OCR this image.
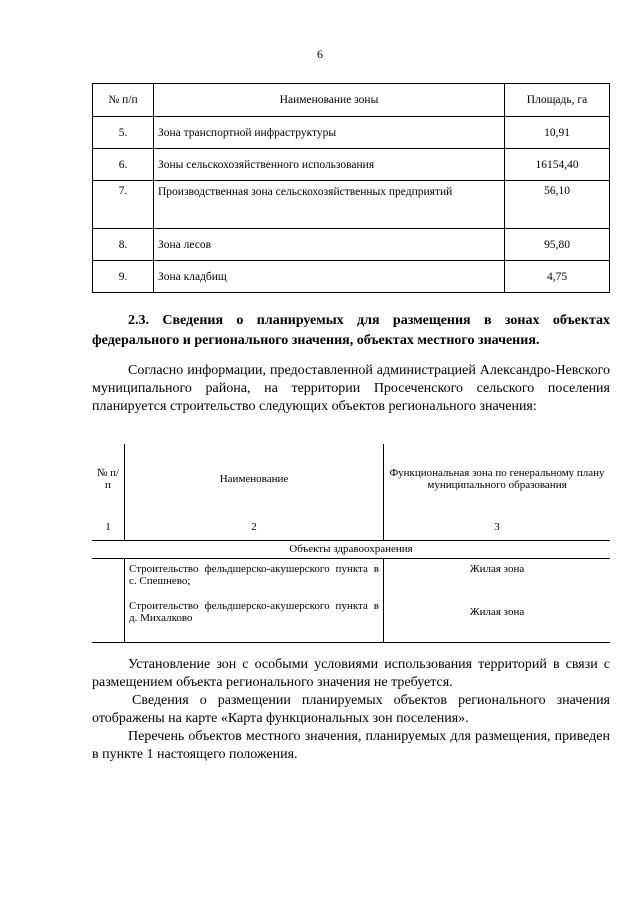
6
№ п/п	Наименование зоны	Площадь, га
5.	Зона транспортной инфраструктуры	10,91
6.	Зоны сельскохозяйственного использования	16154,40
7.	Производственная зона сельскохозяйственных предприятий	56,10
8.	Зона лесов	95,80
9.	Зона кладбищ	4,75
2.3. Сведения о планируемых для размещения в зонах объектах федерального и регионального значения, объектах местного значения.

Согласно информации, предоставленной администрацией Александро-Невского муниципального района, на территории Просеченского сельского поселения планируется строительство следующих объектов регионального значения:

№ п/п	Наименование	Функциональная зона по генеральному плану муниципального образования
1	2	3
Объекты здравоохранения		
	Строительство фельдшерско-акушерского пункта в с. Спешнево;	Жилая зона
	Строительство фельдшерско-акушерского пункта в д. Михалково	Жилая зона

Установление зон с особыми условиями использования территорий в связи с размещением объекта регионального значения не требуется.

Сведения о размещении планируемых объектов регионального значения отображены на карте «Карта функциональных зон поселения».

Перечень объектов местного значения, планируемых для размещения, приведен в пункте 1 настоящего положения.
